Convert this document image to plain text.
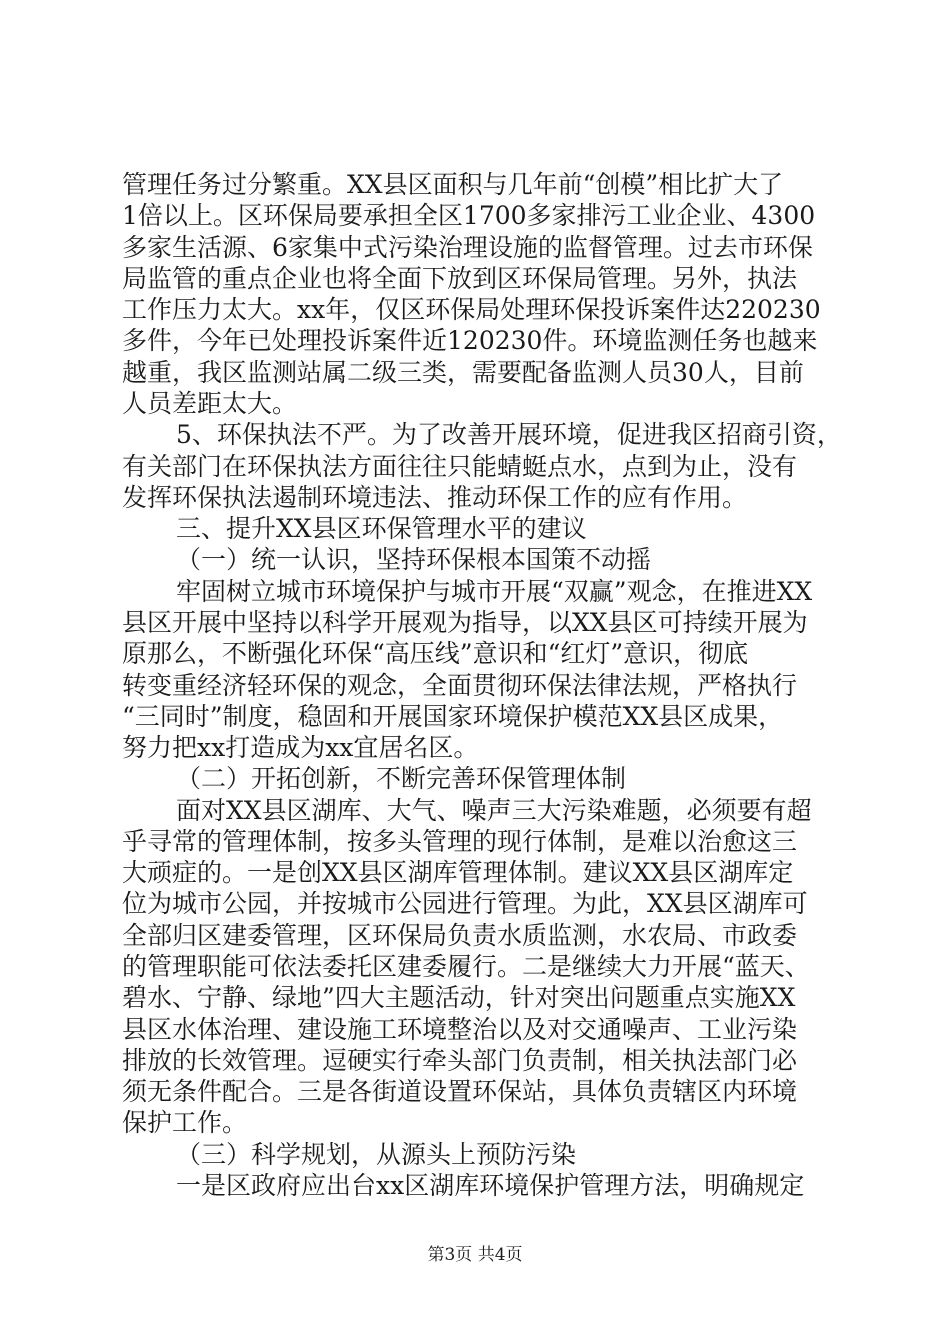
管理任务过分繁重。XX县区面积与几年前“创模”相比扩大了
1倍以上。区环保局要承担全区1700多家排污工业企业、4300
多家生活源、6家集中式污染治理设施的监督管理。过去市环保
局监管的重点企业也将全面下放到区环保局管理。另外，执法
工作压力太大。xx年，仅区环保局处理环保投诉案件达220230
多件，今年已处理投诉案件近120230件。环境监测任务也越来
越重，我区监测站属二级三类，需要配备监测人员30人，目前
人员差距太大。
5、环保执法不严。为了改善开展环境，促进我区招商引资，
有关部门在环保执法方面往往只能蜻蜓点水，点到为止，没有
发挥环保执法遏制环境违法、推动环保工作的应有作用。
三、提升XX县区环保管理水平的建议
（一）统一认识，坚持环保根本国策不动摇
牢固树立城市环境保护与城市开展“双赢”观念，在推进XX
县区开展中坚持以科学开展观为指导，以XX县区可持续开展为
原那么，不断强化环保“高压线”意识和“红灯”意识，彻底
转变重经济轻环保的观念，全面贯彻环保法律法规，严格执行
“三同时”制度，稳固和开展国家环境保护模范XX县区成果，
努力把xx打造成为xx宜居名区。
（二）开拓创新，不断完善环保管理体制
面对XX县区湖库、大气、噪声三大污染难题，必须要有超
乎寻常的管理体制，按多头管理的现行体制，是难以治愈这三
大顽症的。一是创XX县区湖库管理体制。建议XX县区湖库定
位为城市公园，并按城市公园进行管理。为此，XX县区湖库可
全部归区建委管理，区环保局负责水质监测，水农局、市政委
的管理职能可依法委托区建委履行。二是继续大力开展“蓝天、
碧水、宁静、绿地”四大主题活动，针对突出问题重点实施XX
县区水体治理、建设施工环境整治以及对交通噪声、工业污染
排放的长效管理。逗硬实行牵头部门负责制，相关执法部门必
须无条件配合。三是各街道设置环保站，具体负责辖区内环境
保护工作。
（三）科学规划，从源头上预防污染
一是区政府应出台xx区湖库环境保护管理方法，明确规定
第3页 共4页
